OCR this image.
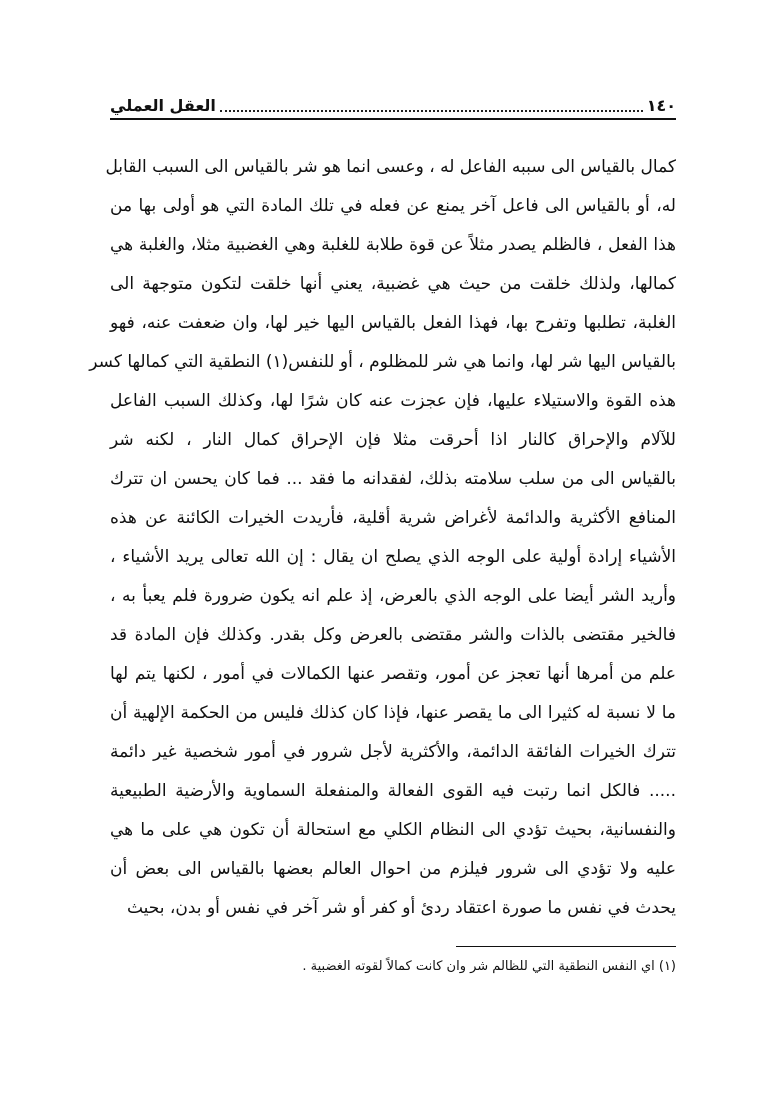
١٤٠
العقل العملي
كمال بالقياس الى سببه الفاعل له ، وعسى انما هو شر بالقياس الى السبب القابل
له، أو بالقياس الى فاعل آخر يمنع عن فعله في تلك المادة التي هو أولى بها من
هذا الفعل ، فالظلم يصدر مثلاً عن قوة طلابة للغلبة وهي الغضبية مثلا، والغلبة هي
كمالها، ولذلك خلقت من حيث هي غضبية، يعني أنها خلقت لتكون متوجهة الى
الغلبة، تطلبها وتفرح بها، فهذا الفعل بالقياس اليها خير لها، وان ضعفت عنه، فهو
بالقياس اليها شر لها، وانما هي شر للمظلوم ، أو للنفس(١) النطقية التي كمالها كسر
هذه القوة والاستيلاء عليها، فإن عجزت عنه كان شرًا لها، وكذلك السبب الفاعل
للآلام والإحراق كالنار اذا أحرقت مثلا فإن الإحراق كمال النار ، لكنه شر
بالقياس الى من سلب سلامته بذلك، لفقدانه ما فقد ... فما كان يحسن ان تترك
المنافع الأكثرية والدائمة لأغراض شرية أقلية، فأريدت الخيرات الكائنة عن هذه
الأشياء إرادة أولية على الوجه الذي يصلح ان يقال : إن الله تعالى يريد الأشياء ،
وأريد الشر أيضا على الوجه الذي بالعرض، إذ علم انه يكون ضرورة فلم يعبأ به ،
فالخير مقتضى بالذات والشر مقتضى بالعرض وكل بقدر. وكذلك فإن المادة قد
علم من أمرها أنها تعجز عن أمور، وتقصر عنها الكمالات في أمور ، لكنها يتم لها
ما لا نسبة له كثيرا الى ما يقصر عنها، فإذا كان كذلك فليس من الحكمة الإلهية أن
تترك الخيرات الفائقة الدائمة، والأكثرية لأجل شرور في أمور شخصية غير دائمة
..... فالكل انما رتبت فيه القوى الفعالة والمنفعلة السماوية والأرضية الطبيعية
والنفسانية، بحيث تؤدي الى النظام الكلي مع استحالة أن تكون هي على ما هي
عليه ولا تؤدي الى شرور فيلزم من احوال العالم بعضها بالقياس الى بعض أن
يحدث في نفس ما صورة اعتقاد ردئ أو كفر أو شر آخر في نفس أو بدن، بحيث
(١) اي النفس النطقية التي للظالم شر وان كانت كمالاً لقوته الغضبية .
